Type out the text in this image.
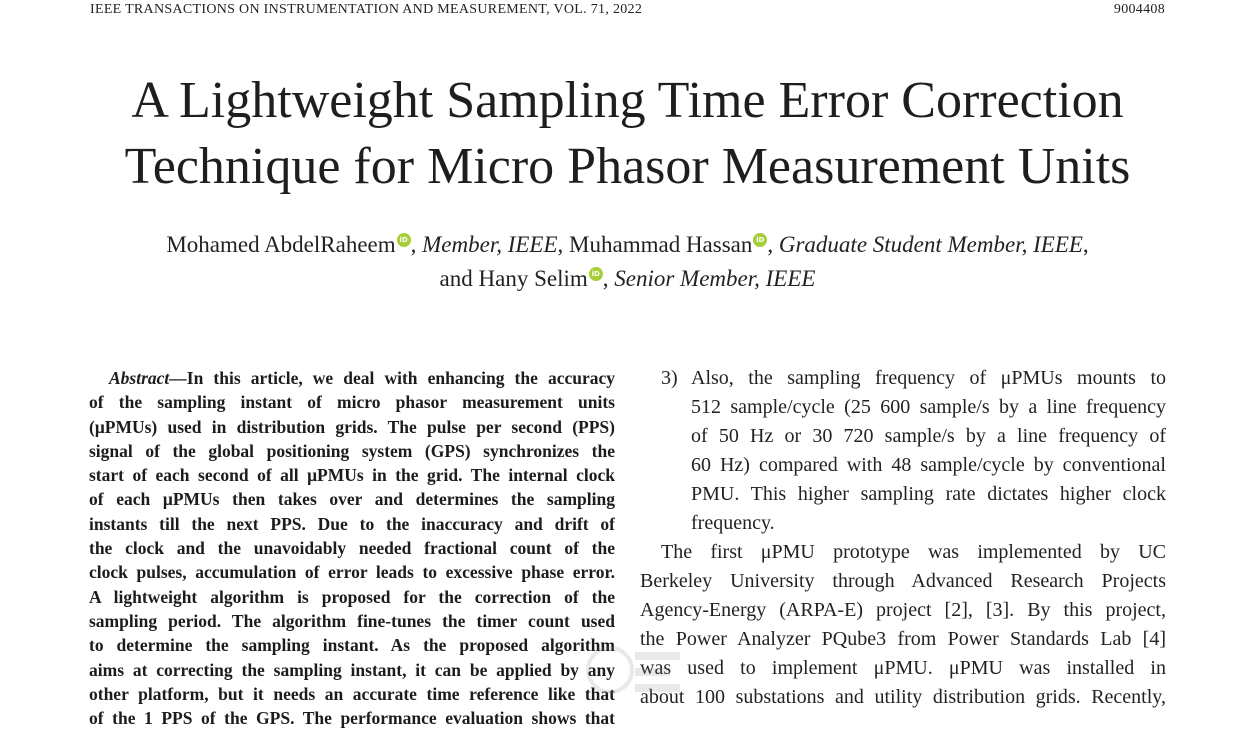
IEEE TRANSACTIONS ON INSTRUMENTATION AND MEASUREMENT, VOL. 71, 2022	9004408
A Lightweight Sampling Time Error Correction
Technique for Micro Phasor Measurement Units
Mohamed AbdelRaheem iD , Member, IEEE, Muhammad Hassan iD , Graduate Student Member, IEEE,
and Hany Selim iD , Senior Member, IEEE
Abstract—In this article, we deal with enhancing the accuracy
of the sampling instant of micro phasor measurement units
(μPMUs) used in distribution grids. The pulse per second (PPS)
signal of the global positioning system (GPS) synchronizes the
start of each second of all μPMUs in the grid. The internal clock
of each μPMUs then takes over and determines the sampling
instants till the next PPS. Due to the inaccuracy and drift of
the clock and the unavoidably needed fractional count of the
clock pulses, accumulation of error leads to excessive phase error.
A lightweight algorithm is proposed for the correction of the
sampling period. The algorithm fine-tunes the timer count used
to determine the sampling instant. As the proposed algorithm
aims at correcting the sampling instant, it can be applied by any
other platform, but it needs an accurate time reference like that
of the 1 PPS of the GPS. The performance evaluation shows that
3) Also, the sampling frequency of μPMUs mounts to
512 sample/cycle (25 600 sample/s by a line frequency
of 50 Hz or 30 720 sample/s by a line frequency of
60 Hz) compared with 48 sample/cycle by conventional
PMU. This higher sampling rate dictates higher clock
frequency.
The first μPMU prototype was implemented by UC
Berkeley University through Advanced Research Projects
Agency-Energy (ARPA-E) project [2], [3]. By this project,
the Power Analyzer PQube3 from Power Standards Lab [4]
was used to implement μPMU. μPMU was installed in
about 100 substations and utility distribution grids. Recently,
